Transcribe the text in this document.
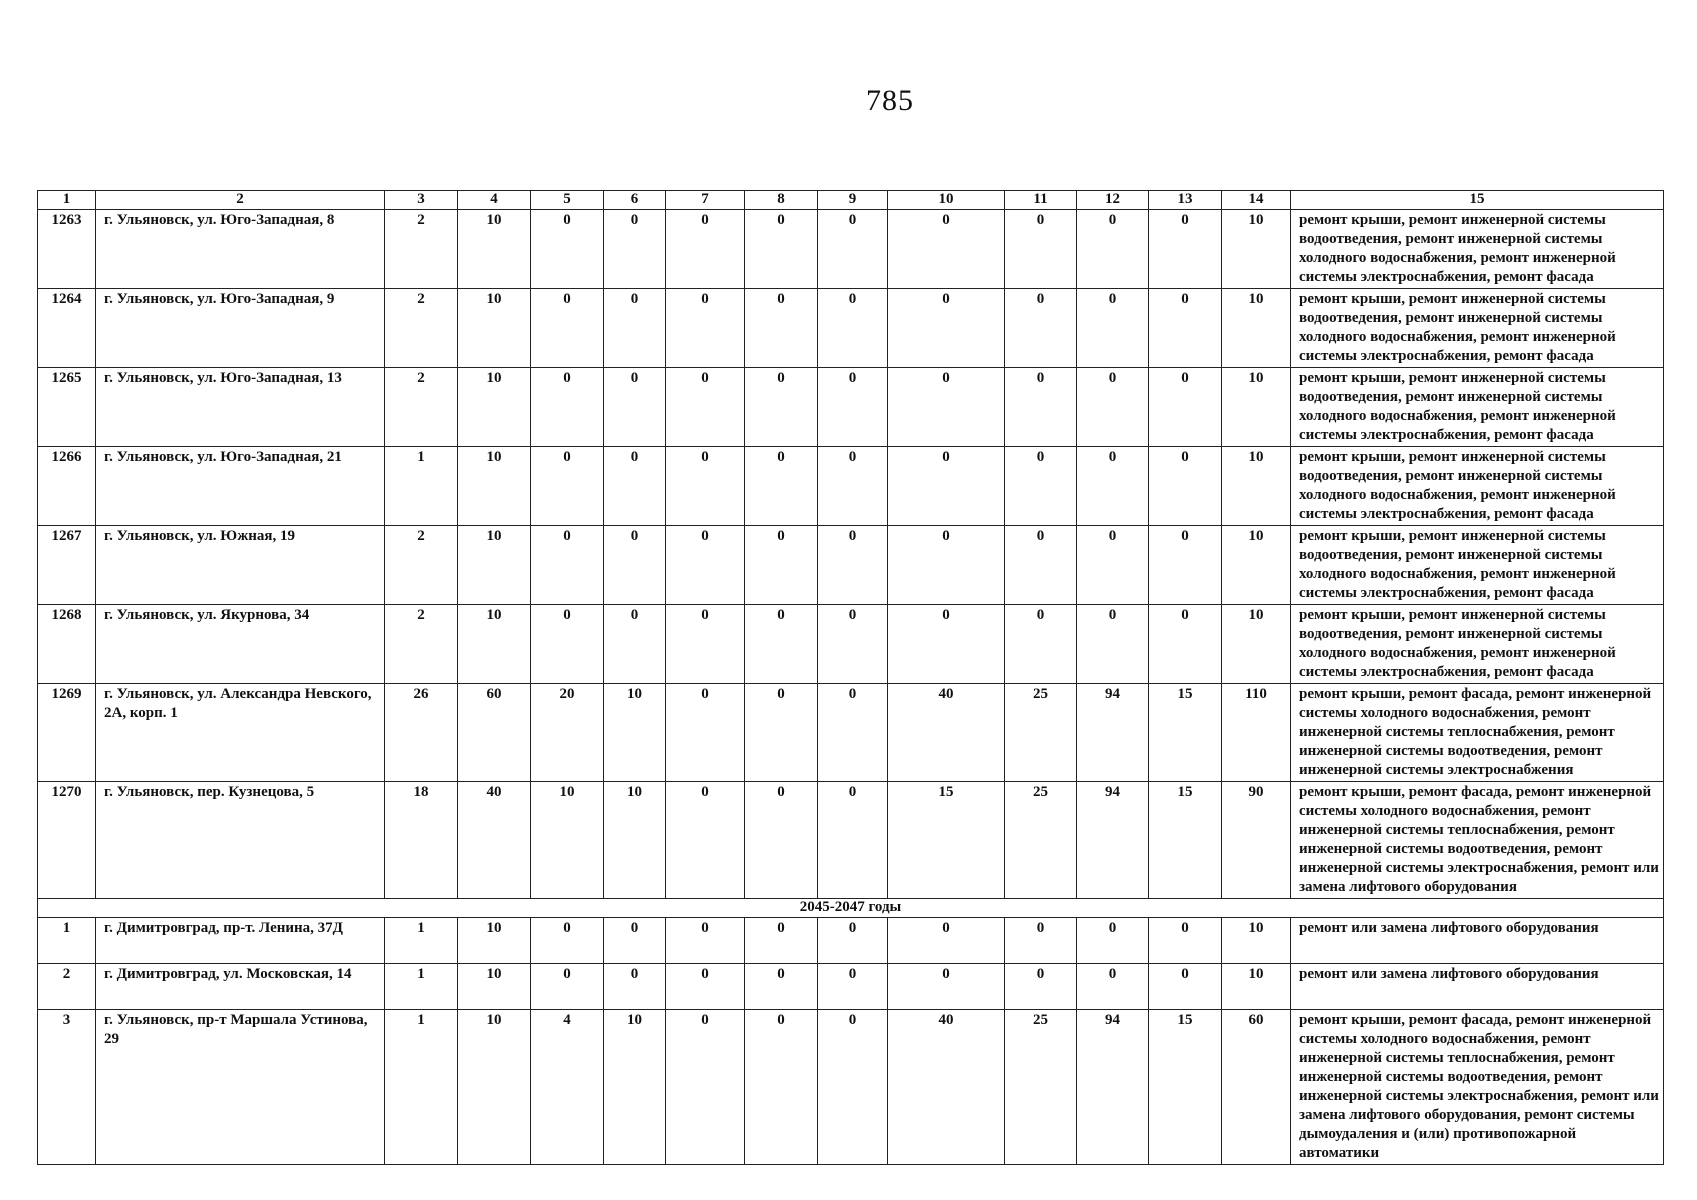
785
1	2	3	4	5	6	7	8	9	10	11	12	13	14	15
1263	г. Ульяновск, ул. Юго-Западная, 8	2	10	0	0	0	0	0	0	0	0	0	10	ремонт крыши, ремонт инженерной системы водоотведения, ремонт инженерной системы холодного водоснабжения, ремонт инженерной системы электроснабжения, ремонт фасада
1264	г. Ульяновск, ул. Юго-Западная, 9	2	10	0	0	0	0	0	0	0	0	0	10	ремонт крыши, ремонт инженерной системы водоотведения, ремонт инженерной системы холодного водоснабжения, ремонт инженерной системы электроснабжения, ремонт фасада
1265	г. Ульяновск, ул. Юго-Западная, 13	2	10	0	0	0	0	0	0	0	0	0	10	ремонт крыши, ремонт инженерной системы водоотведения, ремонт инженерной системы холодного водоснабжения, ремонт инженерной системы электроснабжения, ремонт фасада
1266	г. Ульяновск, ул. Юго-Западная, 21	1	10	0	0	0	0	0	0	0	0	0	10	ремонт крыши, ремонт инженерной системы водоотведения, ремонт инженерной системы холодного водоснабжения, ремонт инженерной системы электроснабжения, ремонт фасада
1267	г. Ульяновск, ул. Южная, 19	2	10	0	0	0	0	0	0	0	0	0	10	ремонт крыши, ремонт инженерной системы водоотведения, ремонт инженерной системы холодного водоснабжения, ремонт инженерной системы электроснабжения, ремонт фасада
1268	г. Ульяновск, ул. Якурнова, 34	2	10	0	0	0	0	0	0	0	0	0	10	ремонт крыши, ремонт инженерной системы водоотведения, ремонт инженерной системы холодного водоснабжения, ремонт инженерной системы электроснабжения, ремонт фасада
1269	г. Ульяновск, ул. Александра Невского, 2А, корп. 1	26	60	20	10	0	0	0	40	25	94	15	110	ремонт крыши, ремонт фасада, ремонт инженерной системы холодного водоснабжения, ремонт инженерной системы теплоснабжения, ремонт инженерной системы водоотведения, ремонт инженерной системы электроснабжения
1270	г. Ульяновск, пер. Кузнецова, 5	18	40	10	10	0	0	0	15	25	94	15	90	ремонт крыши, ремонт фасада, ремонт инженерной системы холодного водоснабжения, ремонт инженерной системы теплоснабжения, ремонт инженерной системы водоотведения, ремонт инженерной системы электроснабжения, ремонт или замена лифтового оборудования
2045-2047 годы														
1	г. Димитровград, пр-т. Ленина, 37Д	1	10	0	0	0	0	0	0	0	0	0	10	ремонт или замена лифтового оборудования
2	г. Димитровград, ул. Московская, 14	1	10	0	0	0	0	0	0	0	0	0	10	ремонт или замена лифтового оборудования
3	г. Ульяновск, пр-т Маршала Устинова, 29	1	10	4	10	0	0	0	40	25	94	15	60	ремонт крыши, ремонт фасада, ремонт инженерной системы холодного водоснабжения, ремонт инженерной системы теплоснабжения, ремонт инженерной системы водоотведения, ремонт инженерной системы электроснабжения, ремонт или замена лифтового оборудования, ремонт системы дымоудаления и (или) противопожарной автоматики
